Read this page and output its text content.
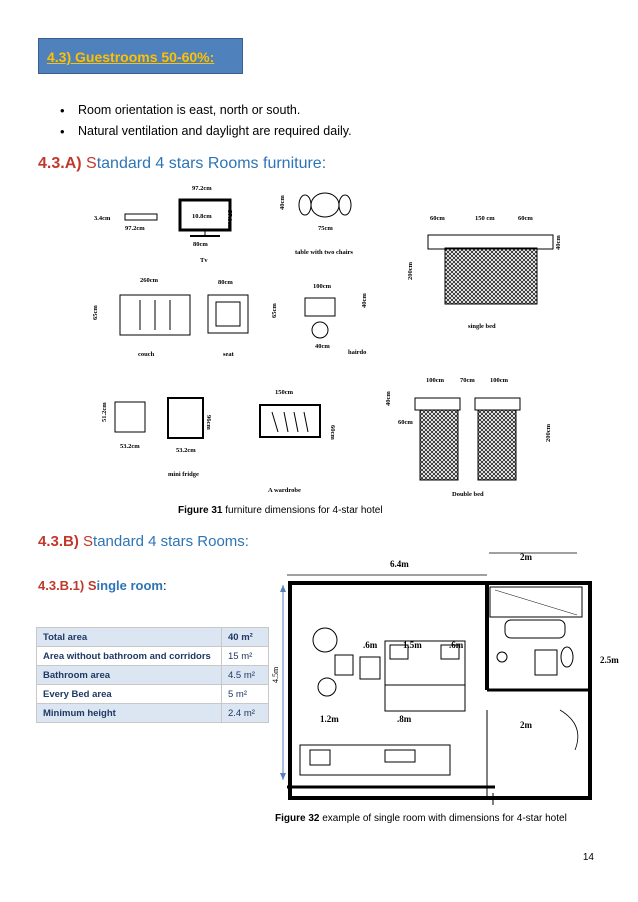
4.3) Guestrooms 50-60%:
• Room orientation is east, north or south.
• Natural ventilation and daylight are required daily.
4.3.A) Standard 4 stars Rooms furniture:
97.2cm
10.8cm 57.1cm
3.4cm
97.2cm
80cm
Tv
40cm
75cm
table with two chairs
60cm	150 cm	60cm
40cm
200cm
single bed
260cm
65cm
couch
80cm
65cm
seat
100cm
40cm
40cm
hairdo
51.2cm
53.2cm
96cm
53.2cm
mini fridge
150cm
60cm
A wardrobe
100cm 70cm 100cm
40cm
60cm
200cm
Double bed
Figure 31 furniture dimensions for 4-star hotel
4.3.B) Standard 4 stars Rooms:
4.3.B.1) Single room:
Total area	40 m²
Area without bathroom and corridors	15 m²
Bathroom area	4.5 m²
Every Bed area	5 m²
Minimum height	2.4 m²
6.4m
2m
4.5m
2.5m
.6m	1.5m	.6m
1.2m	.8m
2m
Figure 32 example of single room with dimensions for 4-star hotel
14
